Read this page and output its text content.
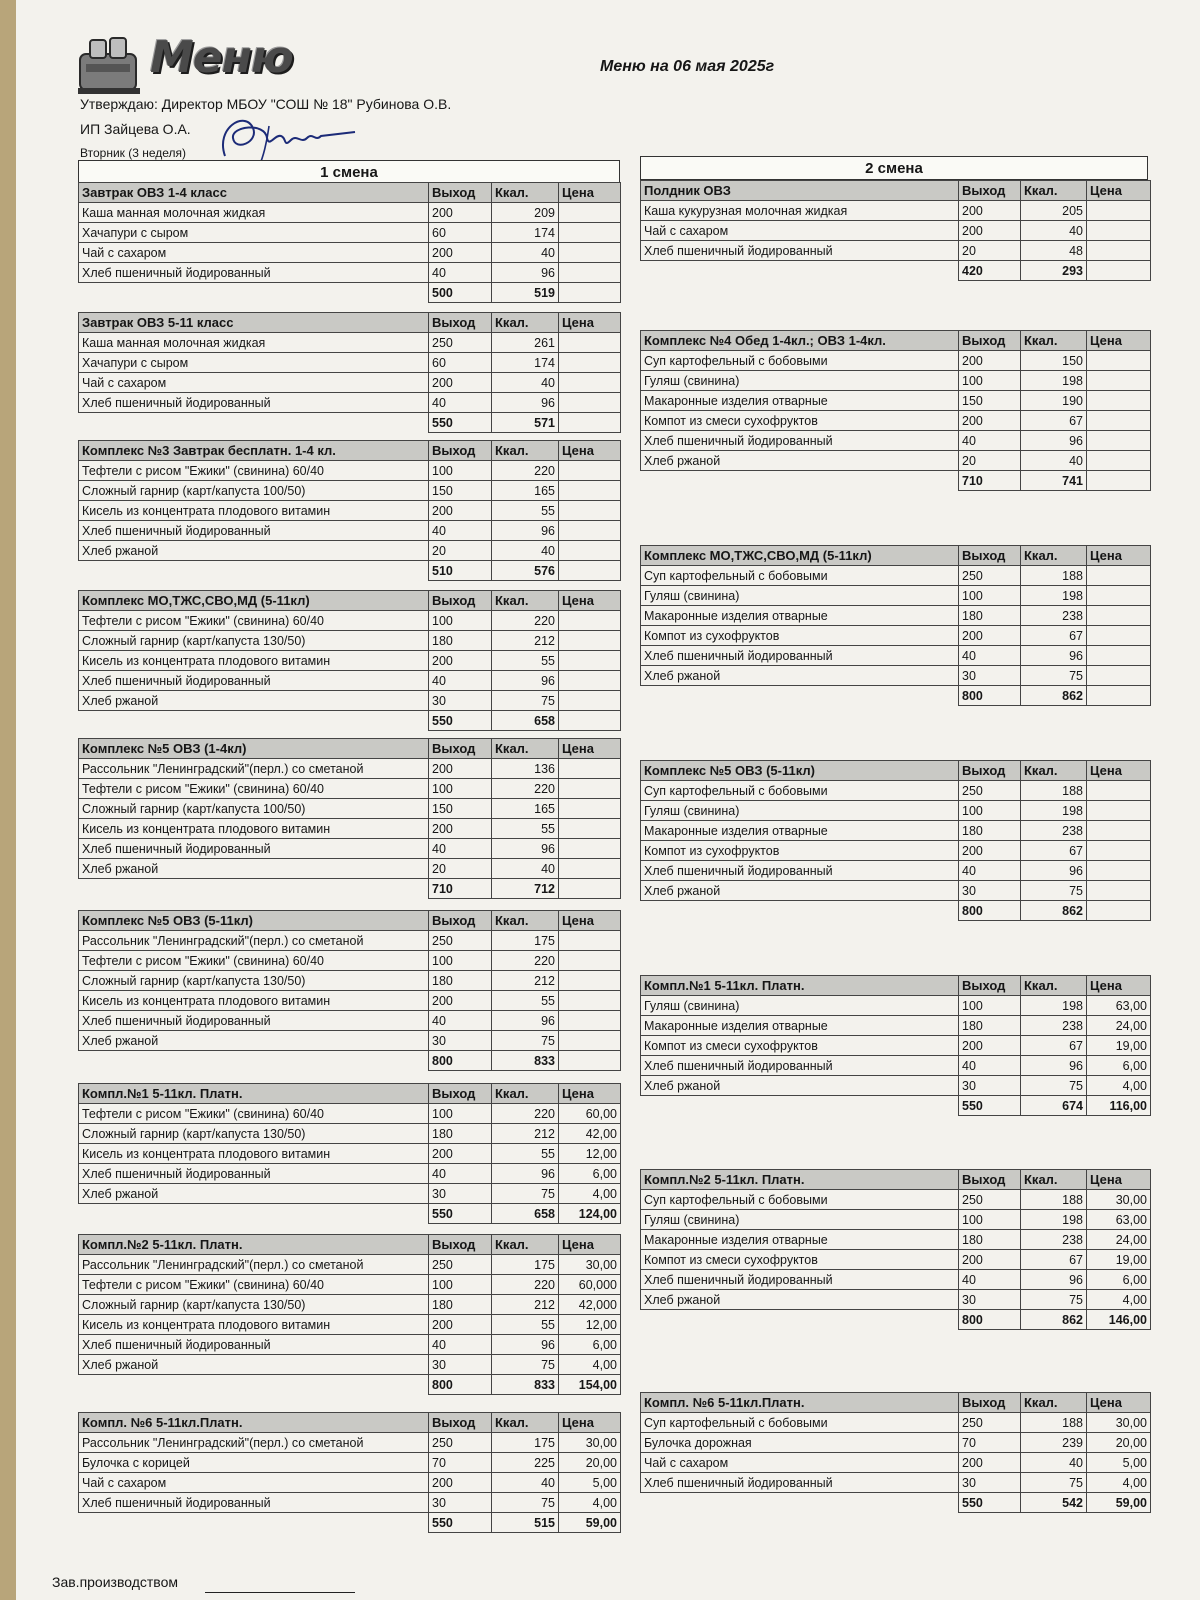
Меню	Меню на 06 мая 2025г
Утверждаю: Директор МБОУ "СОШ № 18" Рубинова О.В.
ИП Зайцева О.А.
Вторник (3 неделя)
1 смена	2 смена
Завтрак ОВЗ 1-4 класс	Выход	Ккал.	Цена
Каша манная молочная жидкая	200	209	
Хачапури с сыром	60	174	
Чай с сахаром	200	40	
Хлеб пшеничный йодированный	40	96	
	500	519	
Завтрак ОВЗ 5-11 класс	Выход	Ккал.	Цена
Каша манная молочная жидкая	250	261	
Хачапури с сыром	60	174	
Чай с сахаром	200	40	
Хлеб пшеничный йодированный	40	96	
	550	571	
Комплекс №3 Завтрак бесплатн. 1-4 кл.	Выход	Ккал.	Цена
Тефтели с рисом "Ежики" (свинина) 60/40	100	220	
Сложный гарнир (карт/капуста 100/50)	150	165	
Кисель из концентрата плодового витамин	200	55	
Хлеб пшеничный йодированный	40	96	
Хлеб ржаной	20	40	
	510	576	
Комплекс МО,ТЖС,СВО,МД (5-11кл)	Выход	Ккал.	Цена
Тефтели с рисом "Ежики" (свинина) 60/40	100	220	
Сложный гарнир (карт/капуста 130/50)	180	212	
Кисель из концентрата плодового витамин	200	55	
Хлеб пшеничный йодированный	40	96	
Хлеб ржаной	30	75	
	550	658	
Комплекс №5 ОВЗ (1-4кл)	Выход	Ккал.	Цена
Рассольник "Ленинградский"(перл.) со сметаной	200	136	
Тефтели с рисом "Ежики" (свинина) 60/40	100	220	
Сложный гарнир (карт/капуста 100/50)	150	165	
Кисель из концентрата плодового витамин	200	55	
Хлеб пшеничный йодированный	40	96	
Хлеб ржаной	20	40	
	710	712	
Комплекс №5 ОВЗ (5-11кл)	Выход	Ккал.	Цена
Рассольник "Ленинградский"(перл.) со сметаной	250	175	
Тефтели с рисом "Ежики" (свинина) 60/40	100	220	
Сложный гарнир (карт/капуста 130/50)	180	212	
Кисель из концентрата плодового витамин	200	55	
Хлеб пшеничный йодированный	40	96	
Хлеб ржаной	30	75	
	800	833	
Компл.№1 5-11кл. Платн.	Выход	Ккал.	Цена
Тефтели с рисом "Ежики" (свинина) 60/40	100	220	60,00
Сложный гарнир (карт/капуста 130/50)	180	212	42,00
Кисель из концентрата плодового витамин	200	55	12,00
Хлеб пшеничный йодированный	40	96	6,00
Хлеб ржаной	30	75	4,00
	550	658	124,00
Компл.№2 5-11кл. Платн.	Выход	Ккал.	Цена
Рассольник "Ленинградский"(перл.) со сметаной	250	175	30,00
Тефтели с рисом "Ежики" (свинина) 60/40	100	220	60,000
Сложный гарнир (карт/капуста 130/50)	180	212	42,000
Кисель из концентрата плодового витамин	200	55	12,00
Хлеб пшеничный йодированный	40	96	6,00
Хлеб ржаной	30	75	4,00
	800	833	154,00
Компл. №6 5-11кл.Платн.	Выход	Ккал.	Цена
Рассольник "Ленинградский"(перл.) со сметаной	250	175	30,00
Булочка с корицей	70	225	20,00
Чай с сахаром	200	40	5,00
Хлеб пшеничный йодированный	30	75	4,00
	550	515	59,00
Полдник ОВЗ	Выход	Ккал.	Цена
Каша кукурузная молочная жидкая	200	205	
Чай с сахаром	200	40	
Хлеб пшеничный йодированный	20	48	
	420	293	
Комплекс №4 Обед 1-4кл.; ОВЗ 1-4кл.	Выход	Ккал.	Цена
Суп картофельный с бобовыми	200	150	
Гуляш (свинина)	100	198	
Макаронные изделия отварные	150	190	
Компот из смеси сухофруктов	200	67	
Хлеб пшеничный йодированный	40	96	
Хлеб ржаной	20	40	
	710	741	
Комплекс МО,ТЖС,СВО,МД (5-11кл)	Выход	Ккал.	Цена
Суп картофельный с бобовыми	250	188	
Гуляш (свинина)	100	198	
Макаронные изделия отварные	180	238	
Компот из сухофруктов	200	67	
Хлеб пшеничный йодированный	40	96	
Хлеб ржаной	30	75	
	800	862	
Комплекс №5 ОВЗ (5-11кл)	Выход	Ккал.	Цена
Суп картофельный с бобовыми	250	188	
Гуляш (свинина)	100	198	
Макаронные изделия отварные	180	238	
Компот из сухофруктов	200	67	
Хлеб пшеничный йодированный	40	96	
Хлеб ржаной	30	75	
	800	862	
Компл.№1 5-11кл. Платн.	Выход	Ккал.	Цена
Гуляш (свинина)	100	198	63,00
Макаронные изделия отварные	180	238	24,00
Компот из смеси сухофруктов	200	67	19,00
Хлеб пшеничный йодированный	40	96	6,00
Хлеб ржаной	30	75	4,00
	550	674	116,00
Компл.№2 5-11кл. Платн.	Выход	Ккал.	Цена
Суп картофельный с бобовыми	250	188	30,00
Гуляш (свинина)	100	198	63,00
Макаронные изделия отварные	180	238	24,00
Компот из смеси сухофруктов	200	67	19,00
Хлеб пшеничный йодированный	40	96	6,00
Хлеб ржаной	30	75	4,00
	800	862	146,00
Компл. №6 5-11кл.Платн.	Выход	Ккал.	Цена
Суп картофельный с бобовыми	250	188	30,00
Булочка дорожная	70	239	20,00
Чай с сахаром	200	40	5,00
Хлеб пшеничный йодированный	30	75	4,00
	550	542	59,00
Зав.производством
